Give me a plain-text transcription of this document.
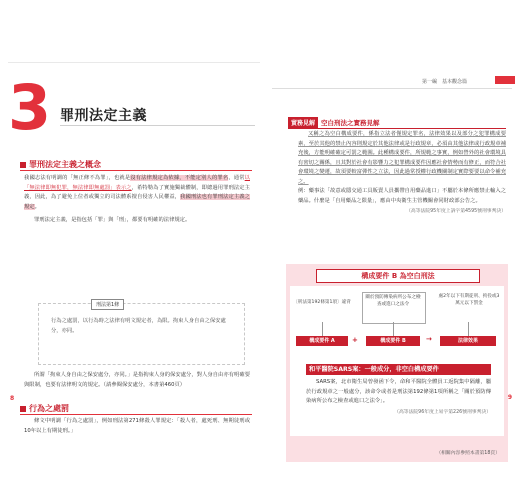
3 罪刑法定主義
罪刑法定主義之概念

我國志法有明調的「無正條不為罪」，也就是沒有法律規定為依據，不能定別人的罪名，通常以「無法律即無犯罪，無法律即無處罰」表示之，希特勒為了實施獨裁體制，即總過用罪刑法定主義，因此，為了避免上位者或獨立的司法體系擅自侵害人民權益，我國刑法也有罪刑法定主義之規定。

罪刑法定主義，是指包括「罪」與「刑」，都要有明確的法律規定。

刑法第1條
行為之處罰，以行為時之法律有明文規定者，為限。拘束人身自由之保安處分，亦同。

所謂「拘束人身自由之保安處分，亦同。」是指拘束人身的保安處分，對人身自由亦有明確要與限制，也要有法律明文的規定。（請參閱保安處分，本書第460頁）

行為之處罰

條文中明調「行為之處罰」，例如刑法第271條殺人罪規定：「殺人者，處死刑、無期徒刑或10年以上有期徒刑。」

8
第一編　基本觀念篇
實務見解 空白刑法之實務見解

又稱之為空白構成要件，係指立法者僅規定罪名，法律效果以及部分之犯罪構成要素，至於其他的禁止內容則規定於其他法律或是行政規章，必須由其他法律或行政規章補充後，方能明確確定可罰之範圍。此種構成要件，所規範之事實，例如營外的社會環境具有密切之關係，且其對於社會有影響力之犯罪構成要件因應社會情勢而有修正，而符合社會環境之變遷，故須要較富彈性之立法，因此過常授權行政機關制定實際要要以命令補充之。

例：藥事法「故意或隱交通工具販賣人員攜帶自用藥品進口」不屬於本條所應禁止輸入之藥品。什麼是「自用藥品之限量」，應由中央衛生主管機關會同財政部公告之。

（高等法院95年度上訴字第4595號刑事判決）
構成要件 B 為空白刑法
〔刑法第192條第1項〕違背
關於預防傳染病所公布之檢查或進口之法令
處2年以下有期徒刑、拘役或3萬元以下罰金
構成要件 A	+	構成要件 B	→	法律效果
和平醫院SARS案：一般成分，非空白構成要件

SARS案，北市衛生局曾發函下令，命和平醫院全體員工返院集中隔離，屬於行政規章之一般處分，該命令或者是刑法第192條第1項所稱之「關於預防傳染病所公布之檢查或進口之法令」。

（高等法院96年度上易字第226號刑事判決）
（相關內容參照本書第18頁）
9
